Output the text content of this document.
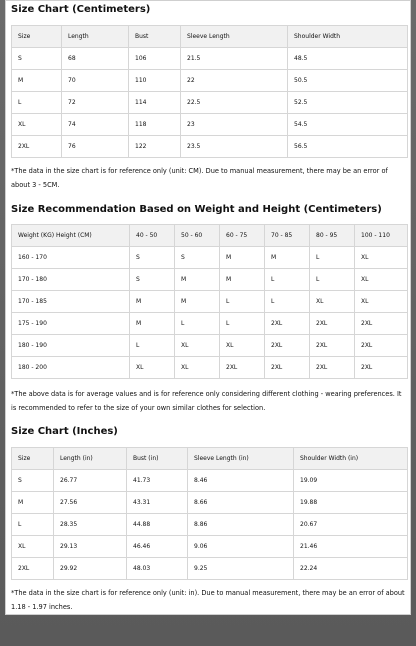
Size Chart (Centimeters)
Size	Length	Bust	Sleeve Length	Shoulder Width
S	68	106	21.5	48.5
M	70	110	22	50.5
L	72	114	22.5	52.5
XL	74	118	23	54.5
2XL	76	122	23.5	56.5
*The data in the size chart is for reference only (unit: CM). Due to manual measurement, there may be an error of about 3 - 5CM.
Size Recommendation Based on Weight and Height (Centimeters)
Weight (KG) Height (CM)	40 - 50	50 - 60	60 - 75	70 - 85	80 - 95	100 - 110
160 - 170	S	S	M	M	L	XL
170 - 180	S	M	M	L	L	XL
170 - 185	M	M	L	L	XL	XL
175 - 190	M	L	L	2XL	2XL	2XL
180 - 190	L	XL	XL	2XL	2XL	2XL
180 - 200	XL	XL	2XL	2XL	2XL	2XL
*The above data is for average values and is for reference only considering different clothing - wearing preferences. It is recommended to refer to the size of your own similar clothes for selection.
Size Chart (Inches)
Size	Length (in)	Bust (in)	Sleeve Length (in)	Shoulder Width (in)
S	26.77	41.73	8.46	19.09
M	27.56	43.31	8.66	19.88
L	28.35	44.88	8.86	20.67
XL	29.13	46.46	9.06	21.46
2XL	29.92	48.03	9.25	22.24
*The data in the size chart is for reference only (unit: in). Due to manual measurement, there may be an error of about 1.18 - 1.97 inches.
